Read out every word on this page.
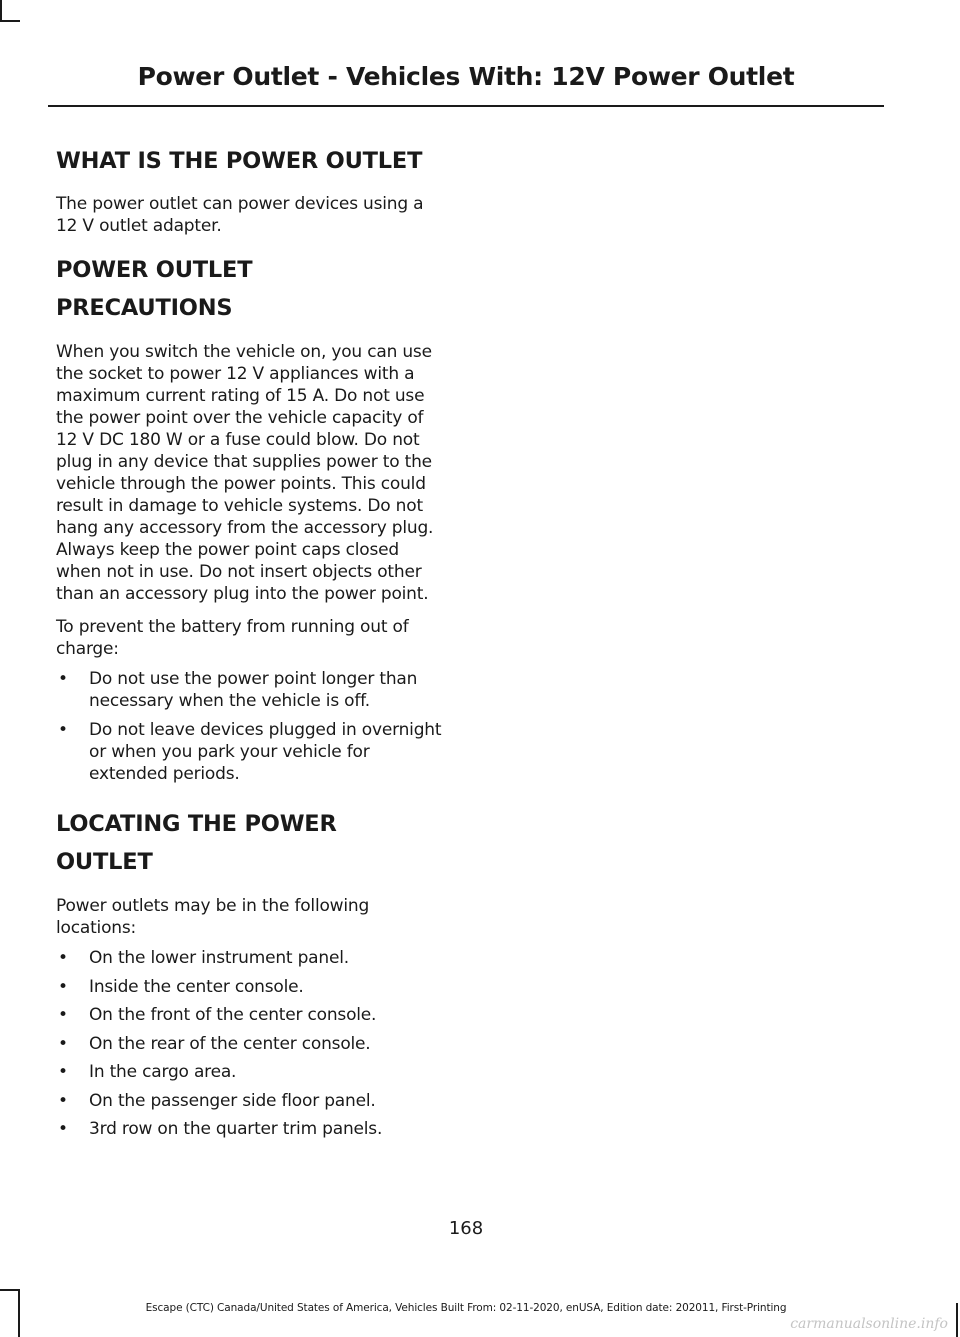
Power Outlet - Vehicles With: 12V Power Outlet
WHAT IS THE POWER OUTLET

The power outlet can power devices using a 12 V outlet adapter.

POWER OUTLET
PRECAUTIONS

When you switch the vehicle on, you can use the socket to power 12 V appliances with a maximum current rating of 15 A. Do not use the power point over the vehicle capacity of 12 V DC 180 W or a fuse could blow. Do not plug in any device that supplies power to the vehicle through the power points. This could result in damage to vehicle systems. Do not hang any accessory from the accessory plug. Always keep the power point caps closed when not in use. Do not insert objects other than an accessory plug into the power point.

To prevent the battery from running out of charge:

• Do not use the power point longer than necessary when the vehicle is off.
• Do not leave devices plugged in overnight or when you park your vehicle for extended periods.
LOCATING THE POWER
OUTLET

Power outlets may be in the following locations:

• On the lower instrument panel.
• Inside the center console.
• On the front of the center console.
• On the rear of the center console.
• In the cargo area.
• On the passenger side floor panel.
• 3rd row on the quarter trim panels.
168
Escape (CTC) Canada/United States of America, Vehicles Built From: 02-11-2020, enUSA, Edition date: 202011, First-Printing
carmanualsonline.info
